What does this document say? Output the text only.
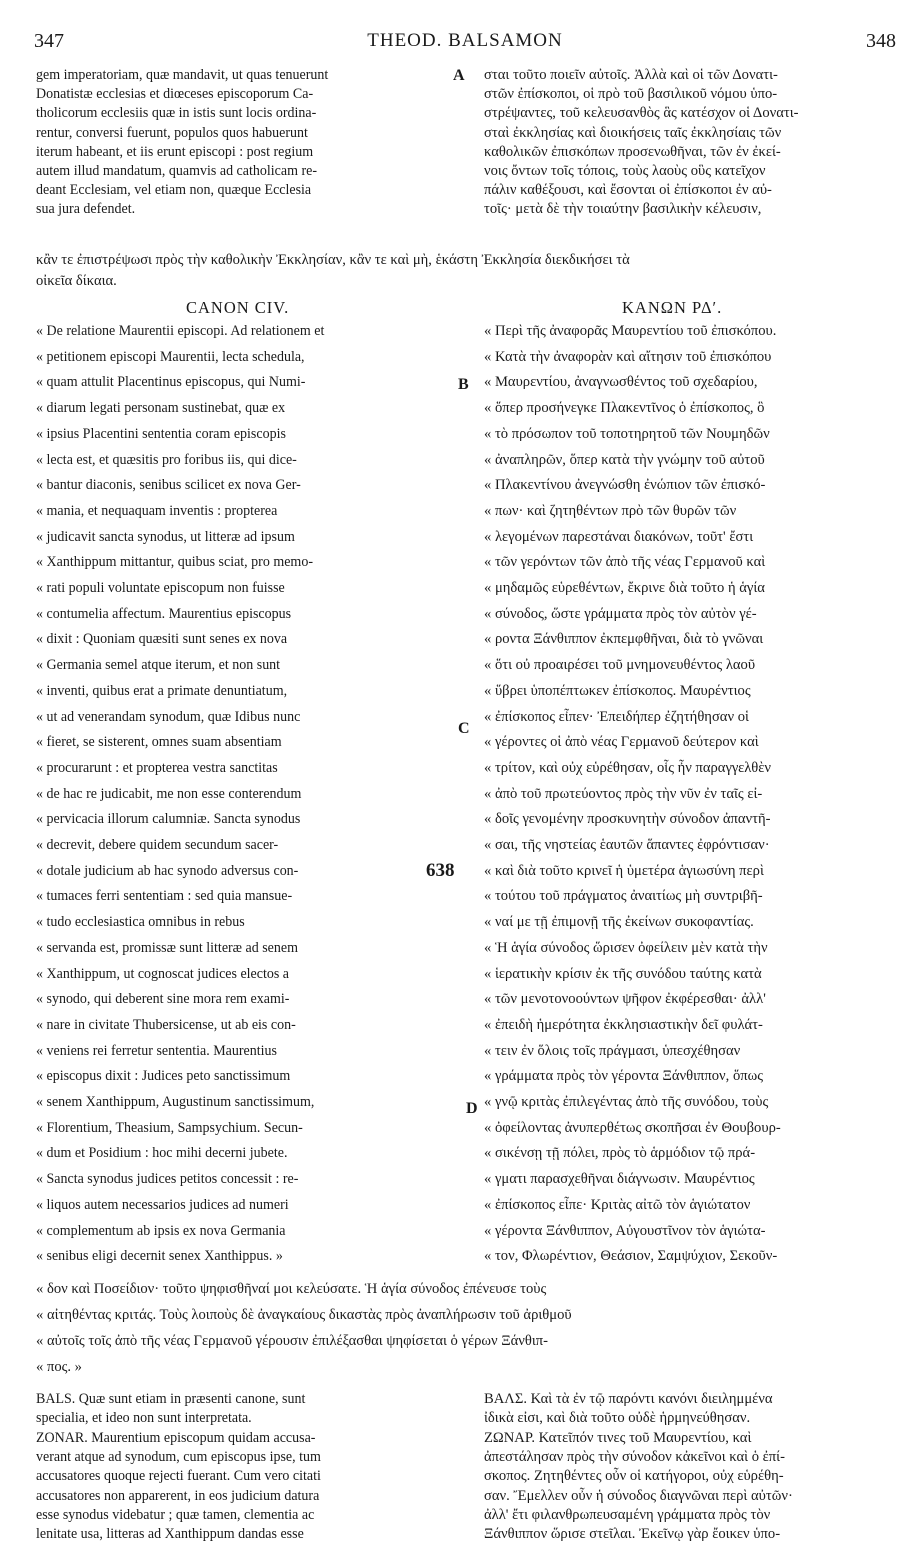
347	THEOD. BALSAMON	348
gem imperatoriam, quæ mandavit, ut quas tenuerunt
Donatistæ ecclesias et diœceses episcoporum Ca-
tholicorum ecclesiis quæ in istis sunt locis ordina-
rentur, conversi fuerunt, populos quos habuerunt
iterum habeant, et iis erunt episcopi : post regium
autem illud mandatum, quamvis ad catholicam re-
deant Ecclesiam, vel etiam non, quæque Ecclesia
sua jura defendet.
σται τοῦτο ποιεῖν αὐτοῖς. Ἀλλὰ καὶ οἱ τῶν Δονατι-
στῶν ἐπίσκοποι, οἱ πρὸ τοῦ βασιλικοῦ νόμου ὑπο-
στρέψαντες, τοῦ κελευσανθὸς ἃς κατέσχον οἱ Δονατι-
σταὶ ἐκκλησίας καὶ διοικήσεις ταῖς ἐκκλησίαις τῶν
καθολικῶν ἐπισκόπων προσενωθῆναι, τῶν ἐν ἐκεί-
νοις ὄντων τοῖς τόποις, τοὺς λαοὺς οὓς κατεῖχον
πάλιν καθέξουσι, καὶ ἔσονται οἱ ἐπίσκοποι ἐν αὐ-
τοῖς· μετὰ δὲ τὴν τοιαύτην βασιλικὴν κέλευσιν,
κἂν τε ἐπιστρέψωσι πρὸς τὴν καθολικὴν Ἐκκλησίαν, κἂν τε καὶ μὴ, ἑκάστη Ἐκκλησία διεκδικήσει τὰ
οἰκεῖα δίκαια.
« De relatione Maurentii episcopi. Ad relationem et
« petitionem episcopi Maurentii, lecta schedula,
« quam attulit Placentinus episcopus, qui Numi-
« diarum legati personam sustinebat, quæ ex
« ipsius Placentini sententia coram episcopis
« lecta est, et quæsitis pro foribus iis, qui dice-
« bantur diaconis, senibus scilicet ex nova Ger-
« mania, et nequaquam inventis : propterea
« judicavit sancta synodus, ut litteræ ad ipsum
« Xanthippum mittantur, quibus sciat, pro memo-
« rati populi voluntate episcopum non fuisse
« contumelia affectum. Maurentius episcopus
« dixit : Quoniam quæsiti sunt senes ex nova
« Germania semel atque iterum, et non sunt
« inventi, quibus erat a primate denuntiatum,
« ut ad venerandam synodum, quæ Idibus nunc
« fieret, se sisterent, omnes suam absentiam
« procurarunt : et propterea vestra sanctitas
« de hac re judicabit, me non esse conterendum
« pervicacia illorum calumniæ. Sancta synodus
« decrevit, debere quidem secundum sacer-
« dotale judicium ab hac synodo adversus con-
« tumaces ferri sententiam : sed quia mansue-
« tudo ecclesiastica omnibus in rebus
« servanda est, promissæ sunt litteræ ad senem
« Xanthippum, ut cognoscat judices electos a
« synodo, qui deberent sine mora rem exami-
« nare in civitate Thubersicense, ut ab eis con-
« veniens rei ferretur sententia. Maurentius
« episcopus dixit : Judices peto sanctissimum
« senem Xanthippum, Augustinum sanctissimum,
« Florentium, Theasium, Sampsychium. Secun-
« dum et Posidium : hoc mihi decerni jubete.
« Sancta synodus judices petitos concessit : re-
« liquos autem necessarios judices ad numeri
« complementum ab ipsis ex nova Germania
« senibus eligi decernit senex Xanthippus. »
« Περὶ τῆς ἀναφορᾶς Μαυρεντίου τοῦ ἐπισκόπου.
« Κατὰ τὴν ἀναφορὰν καὶ αἴτησιν τοῦ ἐπισκόπου
« Μαυρεντίου, ἀναγνωσθέντος τοῦ σχεδαρίου,
« ὅπερ προσήνεγκε Πλακεντῖνος ὁ ἐπίσκοπος, ὃ
« τὸ πρόσωπον τοῦ τοποτηρητοῦ τῶν Νουμηδῶν
« ἀναπληρῶν, ὅπερ κατὰ τὴν γνώμην τοῦ αὐτοῦ
« Πλακεντίνου ἀνεγνώσθη ἐνώπιον τῶν ἐπισκό-
« πων· καὶ ζητηθέντων πρὸ τῶν θυρῶν τῶν
« λεγομένων παρεστάναι διακόνων, τοῦτ' ἔστι
« τῶν γερόντων τῶν ἀπὸ τῆς νέας Γερμανοῦ καὶ
« μηδαμῶς εὑρεθέντων, ἔκρινε διὰ τοῦτο ἡ ἁγία
« σύνοδος, ὥστε γράμματα πρὸς τὸν αὐτὸν γέ-
« ροντα Ξάνθιππον ἐκπεμφθῆναι, διὰ τὸ γνῶναι
« ὅτι οὐ προαιρέσει τοῦ μνημονευθέντος λαοῦ
« ὕβρει ὑποπέπτωκεν ἐπίσκοπος. Μαυρέντιος
« ἐπίσκοπος εἶπεν· Ἐπειδήπερ ἐζητήθησαν οἱ
« γέροντες οἱ ἀπὸ νέας Γερμανοῦ δεύτερον καὶ
« τρίτον, καὶ οὐχ εὑρέθησαν, οἷς ἦν παραγγελθὲν
« ἀπὸ τοῦ πρωτεύοντος πρὸς τὴν νῦν ἐν ταῖς εἰ-
« δοῖς γενομένην προσκυνητὴν σύνοδον ἀπαντῆ-
« σαι, τῆς νηστείας ἑαυτῶν ἅπαντες ἐφρόντισαν·
« καὶ διὰ τοῦτο κρινεῖ ἡ ὑμετέρα ἁγιωσύνη περὶ
« τούτου τοῦ πράγματος ἀναιτίως μὴ συντριβῆ-
« ναί με τῇ ἐπιμονῇ τῆς ἐκείνων συκοφαντίας.
« Ἡ ἁγία σύνοδος ὥρισεν ὀφείλειν μὲν κατὰ τὴν
« ἱερατικὴν κρίσιν ἐκ τῆς συνόδου ταύτης κατὰ
« τῶν μενοτονοούντων ψῆφον ἐκφέρεσθαι· ἀλλ'
« ἐπειδὴ ἡμερότητα ἐκκλησιαστικὴν δεῖ φυλάτ-
« τειν ἐν ὅλοις τοῖς πράγμασι, ὑπεσχέθησαν
« γράμματα πρὸς τὸν γέροντα Ξάνθιππον, ὅπως
« γνῷ κριτὰς ἐπιλεγέντας ἀπὸ τῆς συνόδου, τοὺς
« ὀφείλοντας ἀνυπερθέτως σκοπῆσαι ἐν Θουβουρ-
« σικένσῃ τῇ πόλει, πρὸς τὸ ἁρμόδιον τῷ πρά-
« γματι παρασχεθῆναι διάγνωσιν. Μαυρέντιος
« ἐπίσκοπος εἶπε· Κριτὰς αἰτῶ τὸν ἁγιώτατον
« γέροντα Ξάνθιππον, Αὐγουστῖνον τὸν ἁγιώτα-
« τον, Φλωρέντιον, Θεάσιον, Σαμψύχιον, Σεκοῦν-
« δον καὶ Ποσείδιον· τοῦτο ψηφισθῆναί μοι κελεύσατε. Ἡ ἁγία σύνοδος ἐπένευσε τοὺς
« αἰτηθέντας κριτάς. Τοὺς λοιποὺς δὲ ἀναγκαίους δικαστὰς πρὸς ἀναπλήρωσιν τοῦ ἀριθμοῦ
« αὐτοῖς τοῖς ἀπὸ τῆς νέας Γερμανοῦ γέρουσιν ἐπιλέξασθαι ψηφίσεται ὁ γέρων Ξάνθιπ-
« πος. »
BALS. Quæ sunt etiam in præsenti canone, sunt
specialia, et ideo non sunt interpretata.
ZONAR. Maurentium episcopum quidam accusa-
verant atque ad synodum, cum episcopus ipse, tum
accusatores quoque rejecti fuerant. Cum vero citati
accusatores non apparerent, in eos judicium datura
esse synodus videbatur ; quæ tamen, clementia ac
lenitate usa, litteras ad Xanthippum dandas esse
ΒΑΛΣ. Καὶ τὰ ἐν τῷ παρόντι κανόνι διειλημμένα
ἰδικὰ εἰσι, καὶ διὰ τοῦτο οὐδὲ ἡρμηνεύθησαν.
ΖΩΝΑΡ. Κατεῖπόν τινες τοῦ Μαυρεντίου, καὶ
ἀπεστάλησαν πρὸς τὴν σύνοδον κἀκεῖνοι καὶ ὁ ἐπί-
σκοπος. Ζητηθέντες οὖν οἱ κατήγοροι, οὐχ εὑρέθη-
σαν. Ἔμελλεν οὖν ἡ σύνοδος διαγνῶναι περὶ αὐτῶν·
ἀλλ' ἔτι φιλανθρωπευσαμένη γράμματα πρὸς τὸν
Ξάνθιππον ὥρισε στεῖλαι. Ἐκεῖνῳ γὰρ ἔοικεν ὑπο-
CANON CIV.	ΚΑΝΩΝ ΡΔʹ.
A
B
C
D
638
